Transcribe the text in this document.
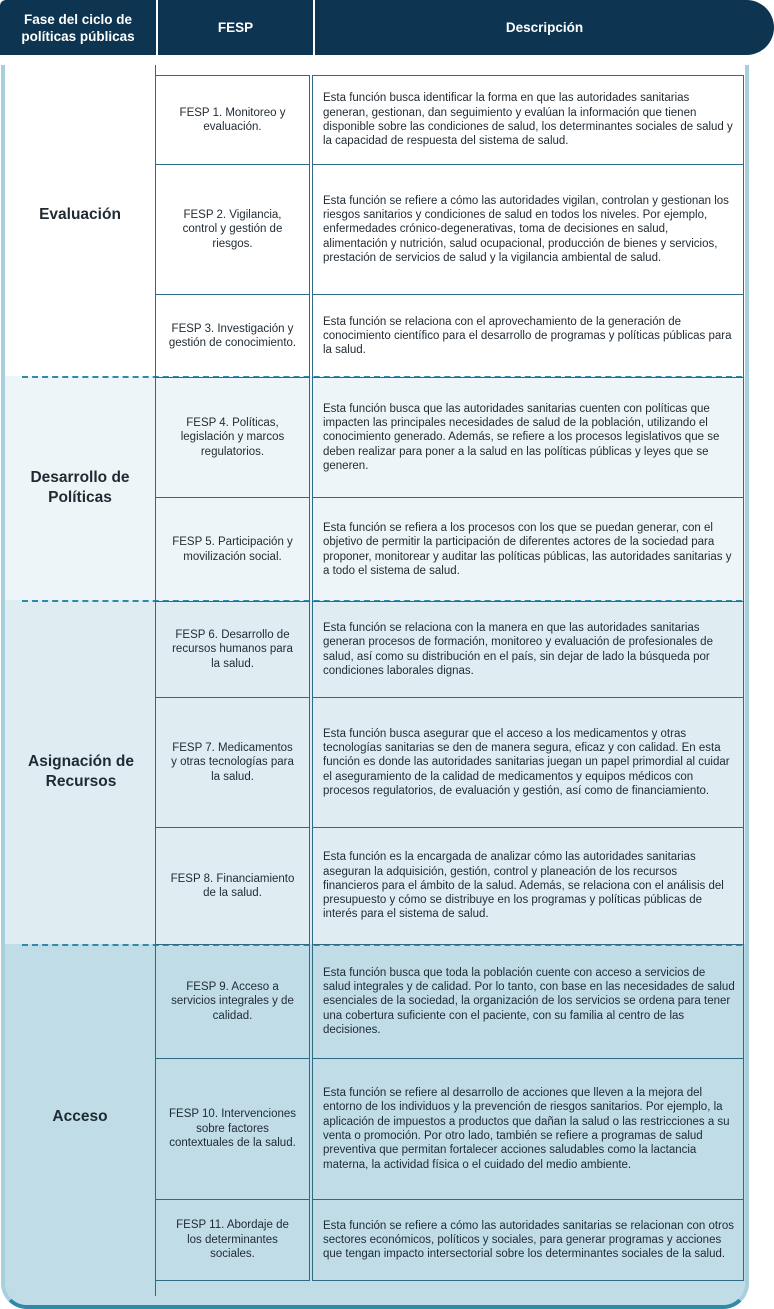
Fase del ciclo de políticas públicas
FESP	Descripción
Evaluación
Desarrollo de Políticas
Asignación de Recursos
Acceso
FESP 1. Monitoreo y evaluación.
Esta función busca identificar la forma en que las autoridades sanitarias generan, gestionan, dan seguimiento y evalúan la información que tienen disponible sobre las condiciones de salud, los determinantes sociales de salud y la capacidad de respuesta del sistema de salud.
FESP 2. Vigilancia, control y gestión de riesgos.
Esta función se refiere a cómo las autoridades vigilan, controlan y gestionan los riesgos sanitarios y condiciones de salud en todos los niveles. Por ejemplo, enfermedades crónico-degenerativas, toma de decisiones en salud, alimentación y nutrición, salud ocupacional, producción de bienes y servicios, prestación de servicios de salud y la vigilancia ambiental de salud.
FESP 3. Investigación y gestión de conocimiento.
Esta función se relaciona con el aprovechamiento de la generación de conocimiento científico para el desarrollo de programas y políticas públicas para la salud.
FESP 4. Políticas, legislación y marcos regulatorios.
Esta función busca que las autoridades sanitarias cuenten con políticas que impacten las principales necesidades de salud de la población, utilizando el conocimiento generado. Además, se refiere a los procesos legislativos que se deben realizar para poner a la salud en las políticas públicas y leyes que se generen.
FESP 5. Participación y movilización social.
Esta función se refiera a los procesos con los que se puedan generar, con el objetivo de permitir la participación de diferentes actores de la sociedad para proponer, monitorear y auditar las políticas públicas, las autoridades sanitarias y a todo el sistema de salud.
FESP 6. Desarrollo de recursos humanos para la salud.
Esta función se relaciona con la manera en que las autoridades sanitarias generan procesos de formación, monitoreo y evaluación de profesionales de salud, así como su distribución en el país, sin dejar de lado la búsqueda por condiciones laborales dignas.
FESP 7. Medicamentos y otras tecnologías para la salud.
Esta función busca asegurar que el acceso a los medicamentos y otras tecnologías sanitarias se den de manera segura, eficaz y con calidad. En esta función es donde las autoridades sanitarias juegan un papel primordial al cuidar el aseguramiento de la calidad de medicamentos y equipos médicos con procesos regulatorios, de evaluación y gestión, así como de financiamiento.
FESP 8. Financiamiento de la salud.
Esta función es la encargada de analizar cómo las autoridades sanitarias aseguran la adquisición, gestión, control y planeación de los recursos financieros para el ámbito de la salud. Además, se relaciona con el análisis del presupuesto y cómo se distribuye en los programas y políticas públicas de interés para el sistema de salud.
FESP 9. Acceso a servicios integrales y de calidad.
Esta función busca que toda la población cuente con acceso a servicios de salud integrales y de calidad. Por lo tanto, con base en las necesidades de salud esenciales de la sociedad, la organización de los servicios se ordena para tener una cobertura suficiente con el paciente, con su familia al centro de las decisiones.
FESP 10. Intervenciones sobre factores contextuales de la salud.
Esta función se refiere al desarrollo de acciones que lleven a la mejora del entorno de los individuos y la prevención de riesgos sanitarios. Por ejemplo, la aplicación de impuestos a productos que dañan la salud o las restricciones a su venta o promoción. Por otro lado, también se refiere a programas de salud preventiva que permitan fortalecer acciones saludables como la lactancia materna, la actividad física o el cuidado del medio ambiente.
FESP 11. Abordaje de los determinantes sociales.
Esta función se refiere a cómo las autoridades sanitarias se relacionan con otros sectores económicos, políticos y sociales, para generar programas y acciones que tengan impacto intersectorial sobre los determinantes sociales de la salud.
